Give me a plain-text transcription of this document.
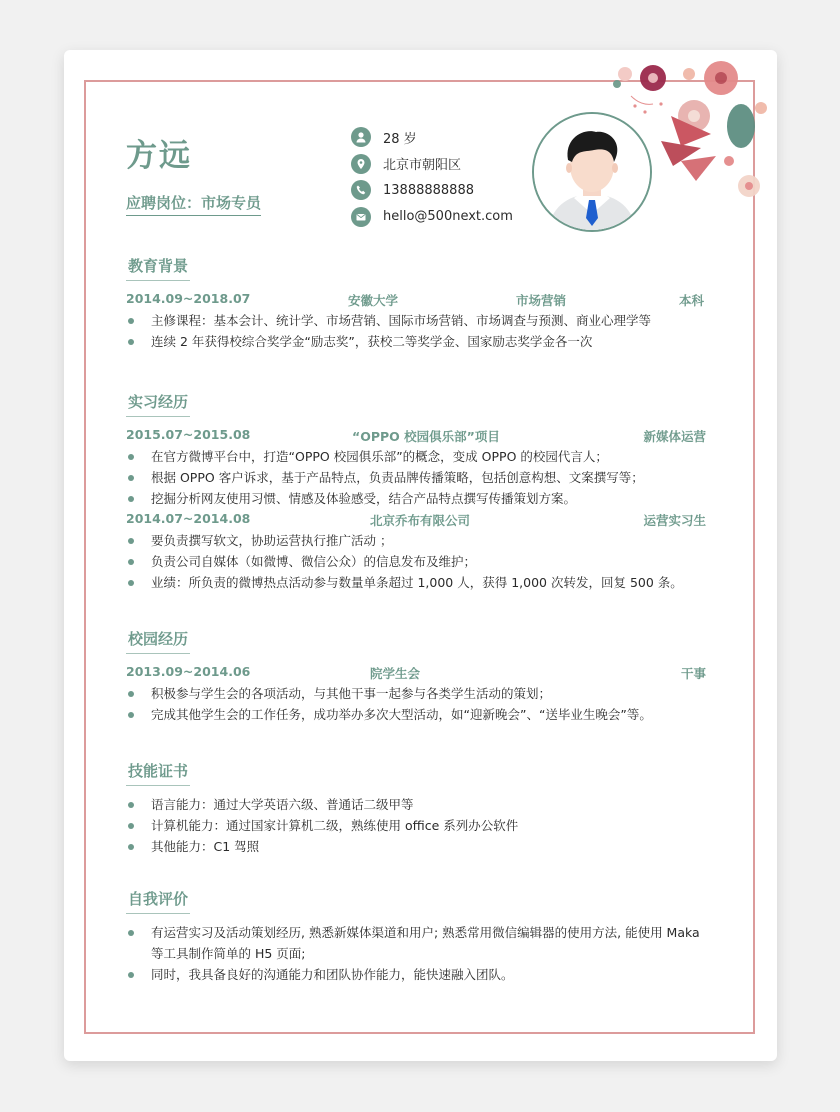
方远
应聘岗位：市场专员
28 岁
北京市朝阳区
13888888888
hello@500next.com
教育背景
2014.09~2018.07	安徽大学	市场营销	本科
主修课程：基本会计、统计学、市场营销、国际市场营销、市场调查与预测、商业心理学等
连续 2 年获得校综合奖学金“励志奖”，获校二等奖学金、国家励志奖学金各一次
实习经历
2015.07~2015.08	“OPPO 校园俱乐部”项目	新媒体运营
在官方微博平台中，打造“OPPO 校园俱乐部”的概念，变成 OPPO 的校园代言人；
根据 OPPO 客户诉求，基于产品特点，负责品牌传播策略，包括创意构想、文案撰写等；
挖掘分析网友使用习惯、情感及体验感受，结合产品特点撰写传播策划方案。
2014.07~2014.08	北京乔布有限公司	运营实习生
要负责撰写软文，协助运营执行推广活动 ；
负责公司自媒体（如微博、微信公众）的信息发布及维护；
业绩：所负责的微博热点活动参与数量单条超过 1,000 人，获得 1,000 次转发，回复 500 条。
校园经历
2013.09~2014.06	院学生会	干事
积极参与学生会的各项活动，与其他干事一起参与各类学生活动的策划；
完成其他学生会的工作任务，成功举办多次大型活动，如“迎新晚会”、“送毕业生晚会”等。
技能证书
语言能力：通过大学英语六级、普通话二级甲等
计算机能力：通过国家计算机二级，熟练使用 office 系列办公软件
其他能力：C1 驾照
自我评价
有运营实习及活动策划经历, 熟悉新媒体渠道和用户; 熟悉常用微信编辑器的使用方法, 能使用 Maka 等工具制作简单的 H5 页面;
同时，我具备良好的沟通能力和团队协作能力，能快速融入团队。
